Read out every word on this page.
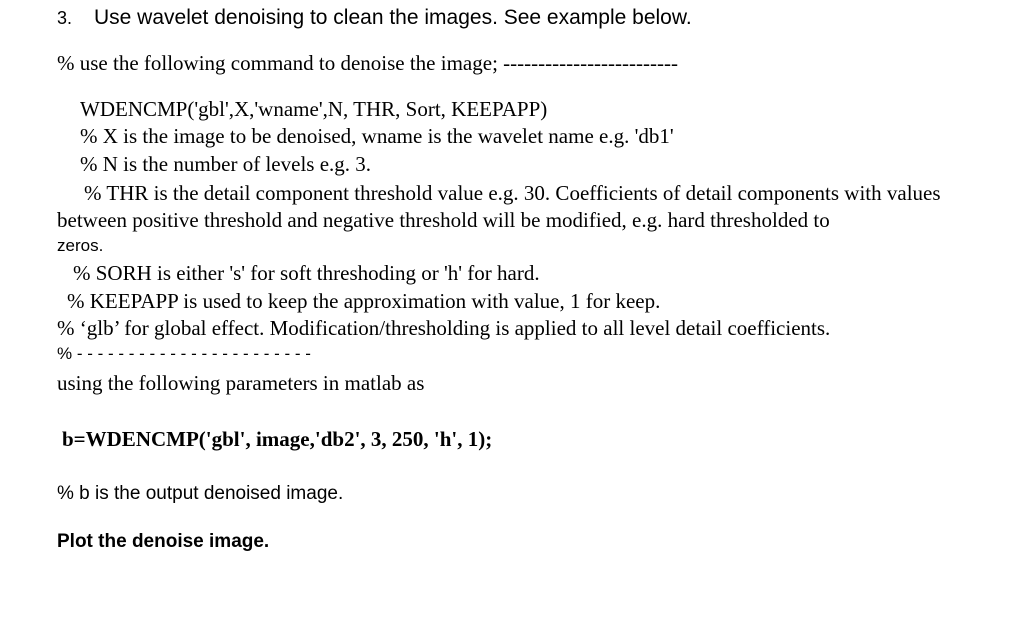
3. Use wavelet denoising to clean the images. See example below.
% use the following command to denoise the image; -------------------------
WDENCMP('gbl',X,'wname',N, THR, Sort, KEEPAPP)
% X is the image to be denoised, wname is the wavelet name e.g. 'db1'
% N is the number of levels e.g. 3.

% THR is the detail component threshold value e.g. 30. Coefficients of detail components with values between positive threshold and negative threshold will be modified, e.g. hard thresholded to

zeros.

% SORH is either 's' for soft threshoding or 'h' for hard.
% KEEPAPP is used to keep the approximation with value, 1 for keep.
% ‘glb’ for global effect. Modification/thresholding is applied to all level detail coefficients.
% - - - - - - - - - - - - - - - - - - - - - - -
using the following parameters in matlab as
b=WDENCMP('gbl', image,'db2', 3, 250, 'h', 1);
% b is the output denoised image.
Plot the denoise image.
